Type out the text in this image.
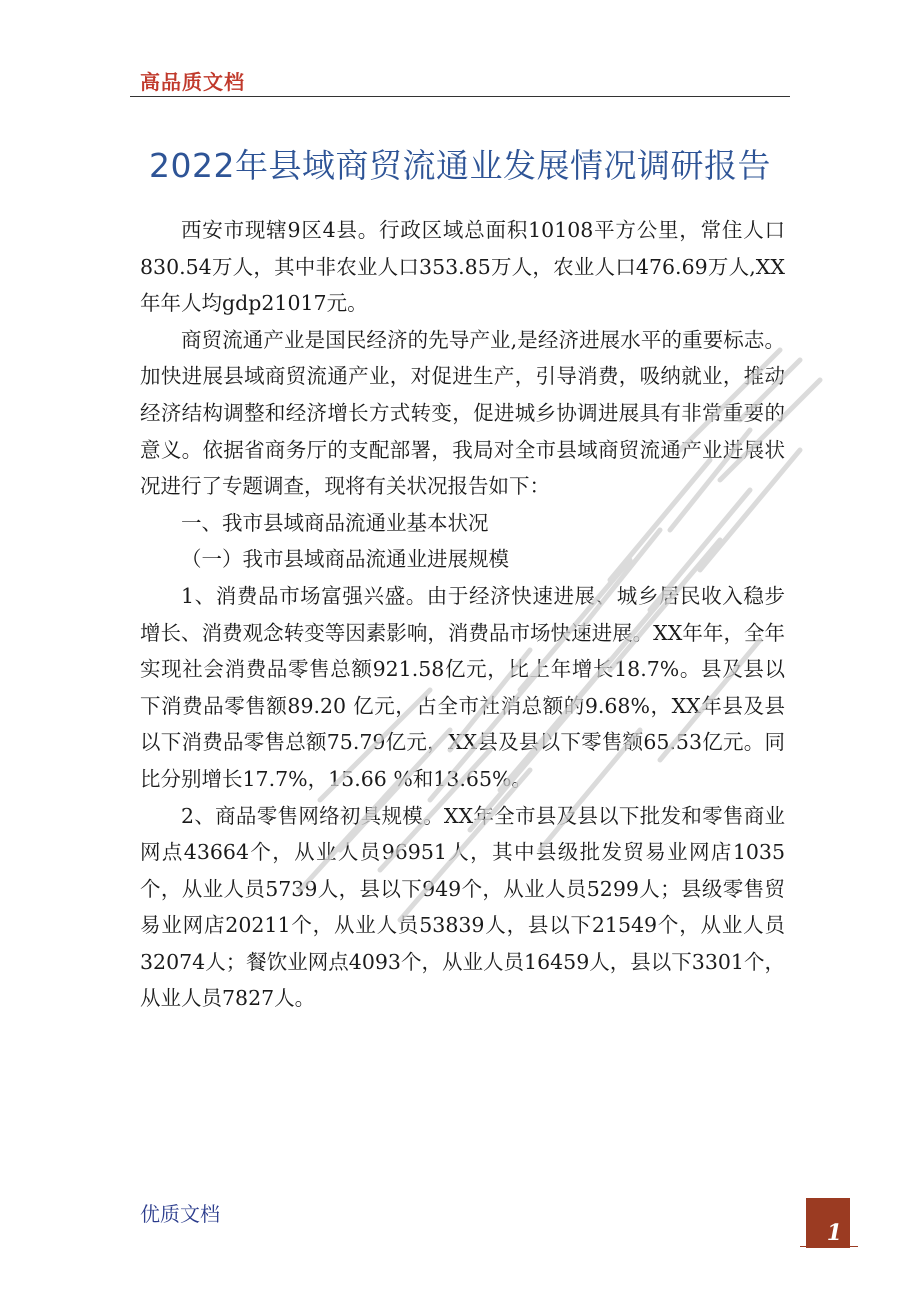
高品质文档
2022年县域商贸流通业发展情况调研报告

西安市现辖9区4县。行政区域总面积10108平方公里，常住人口830.54万人，其中非农业人口353.85万人，农业人口476.69万人,XX年年人均gdp21017元。

商贸流通产业是国民经济的先导产业,是经济进展水平的重要标志。加快进展县域商贸流通产业，对促进生产，引导消费，吸纳就业，推动经济结构调整和经济增长方式转变，促进城乡协调进展具有非常重要的意义。依据省商务厅的支配部署，我局对全市县域商贸流通产业进展状况进行了专题调查，现将有关状况报告如下：

一、我市县域商品流通业基本状况

（一）我市县域商品流通业进展规模

1、消费品市场富强兴盛。由于经济快速进展、城乡居民收入稳步增长、消费观念转变等因素影响，消费品市场快速进展。XX年年，全年实现社会消费品零售总额921.58亿元，比上年增长18.7%。县及县以下消费品零售额89.20 亿元，占全市社消总额的9.68%，XX年县及县以下消费品零售总额75.79亿元，XX县及县以下零售额65.53亿元。同比分别增长17.7%，15.66 %和13.65%。

2、商品零售网络初具规模。XX年全市县及县以下批发和零售商业网点43664个，从业人员96951人，其中县级批发贸易业网店1035个，从业人员5739人，县以下949个，从业人员5299人；县级零售贸易业网店20211个，从业人员53839人，县以下21549个，从业人员32074人；餐饮业网点4093个，从业人员16459人，县以下3301个，从业人员7827人。

优质文档
1
